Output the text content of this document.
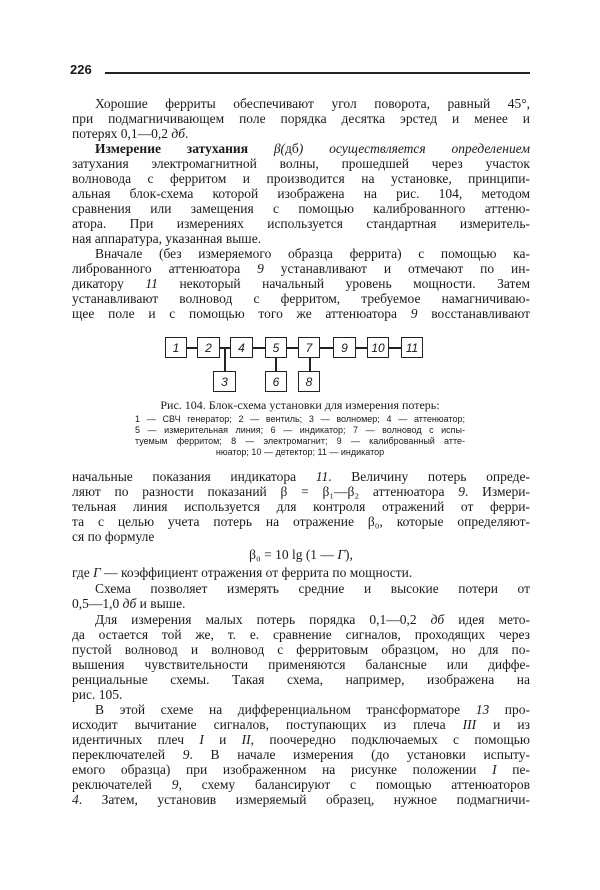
226
Хорошие ферриты обеспечивают угол поворота, равный 45°,
при подмагничивающем поле порядка десятка эрстед и менее и
потерях 0,1—0,2 дб.
Измерение затухания β(дб) осуществляется определением
затухания электромагнитной волны, прошедшей через участок
волновода с ферритом и производится на установке, принципи-
альная блок-схема которой изображена на рис. 104, методом
сравнения или замещения с помощью калиброванного аттеню-
атора. При измерениях используется стандартная измеритель-
ная аппаратура, указанная выше.
Вначале (без измеряемого образца феррита) с помощью ка-
либрованного аттенюатора 9 устанавливают и отмечают по ин-
дикатору 11 некоторый начальный уровень мощности. Затем
устанавливают волновод с ферритом, требуемое намагничиваю-
щее поле и с помощью того же аттенюатора 9 восстанавливают
начальные показания индикатора 11. Величину потерь опреде-
ляют по разности показаний β = β₁—β₂ аттенюатора 9. Измери-
тельная линия используется для контроля отражений от ферри-
та с целью учета потерь на отражение β₀, которые определяют-
ся по формуле
β₀ = 10 lg (1 — Г),
где Г — коэффициент отражения от феррита по мощности.
Схема позволяет измерять средние и высокие потери от
0,5—1,0 дб и выше.
Для измерения малых потерь порядка 0,1—0,2 дб идея мето-
да остается той же, т. е. сравнение сигналов, проходящих через
пустой волновод и волновод с ферритовым образцом, но для по-
вышения чувствительности применяются балансные или диффе-
ренциальные схемы. Такая схема, например, изображена на
рис. 105.
В этой схеме на дифференциальном трансформаторе 13 про-
исходит вычитание сигналов, поступающих из плеча III и из
идентичных плеч I и II, поочередно подключаемых с помощью
переключателей 9. В начале измерения (до установки испыту-
емого образца) при изображенном на рисунке положении I пе-
реключателей 9, схему балансируют с помощью аттенюаторов
4. Затем, установив измеряемый образец, нужное подмагничи-
1	2
3
4	5
6
7
8
9	10	11
Рис. 104. Блок-схема установки для измерения потерь:
1 — СВЧ генератор; 2 — вентиль; 3 — волномер; 4 — аттенюатор;
5 — измерительная линия; 6 — индикатор; 7 — волновод с испы-
туемым ферритом; 8 — электромагнит; 9 — калиброванный атте-
нюатор; 10 — детектор; 11 — индикатор
